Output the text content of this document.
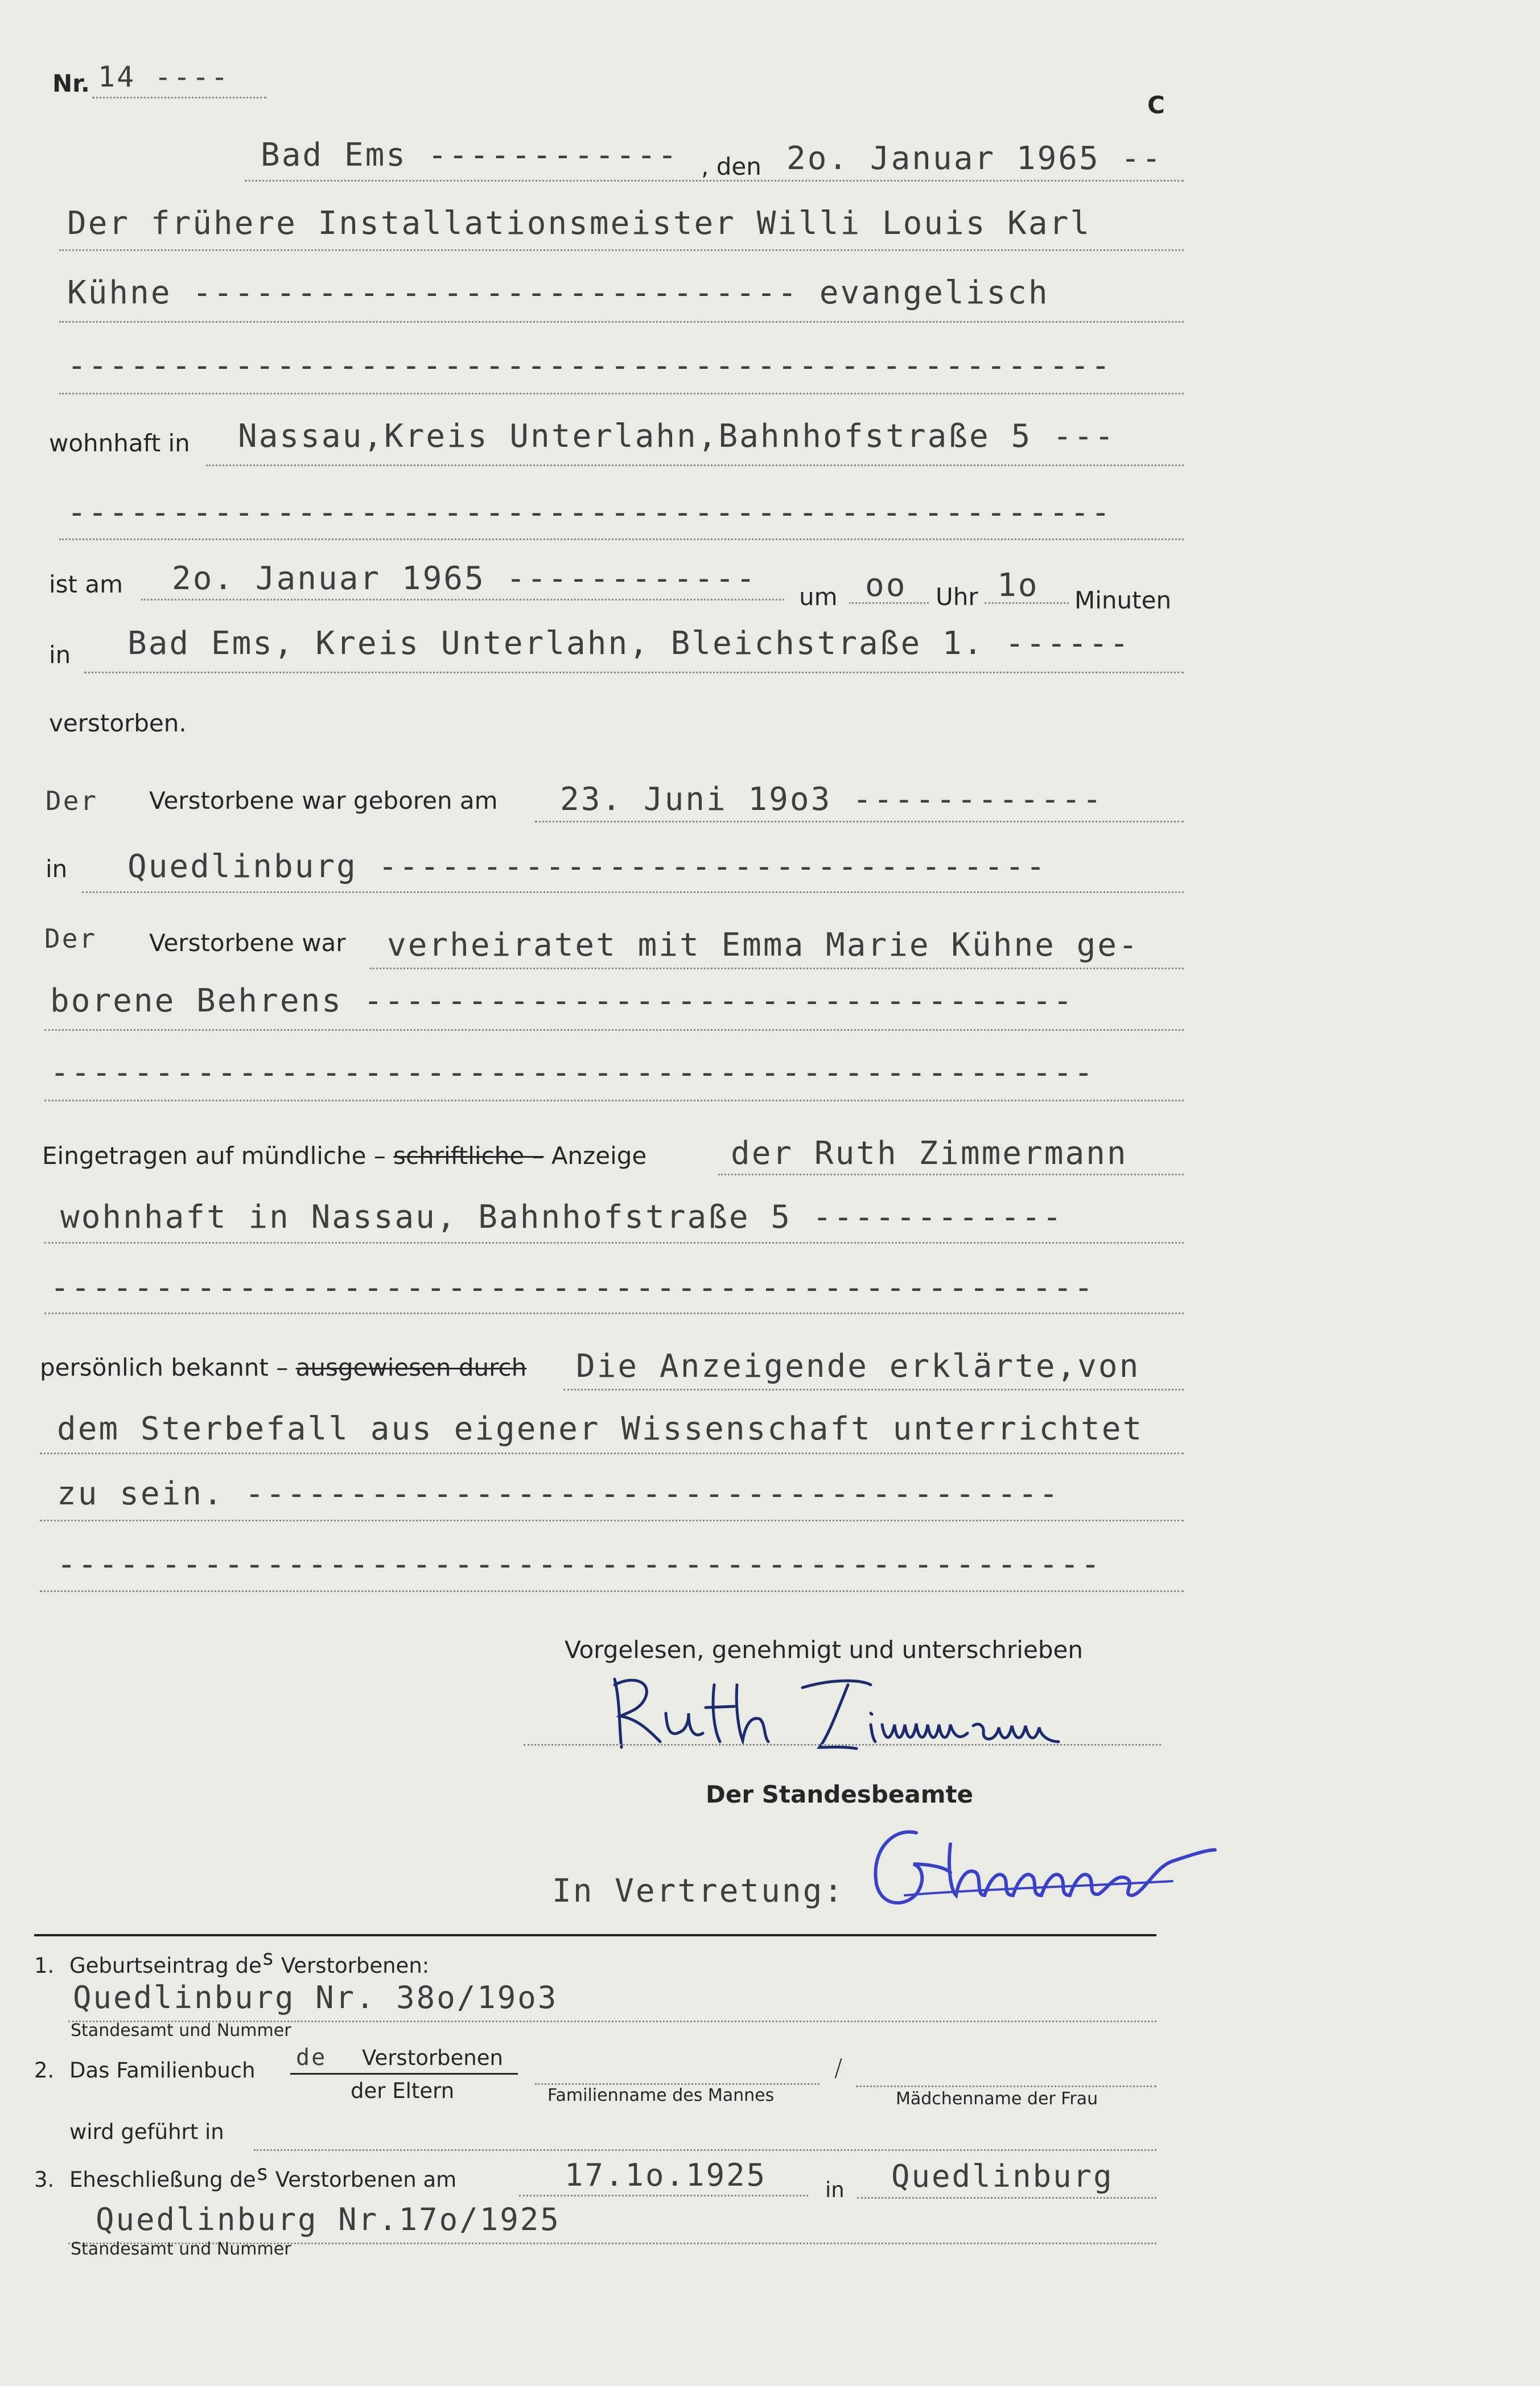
Nr. 14 ----
C
Bad Ems ------------ , den 2o. Januar 1965 --
Der frühere Installationsmeister Willi Louis Karl
Kühne ----------------------------- evangelisch
--------------------------------------------------
wohnhaft in Nassau,Kreis Unterlahn,Bahnhofstraße 5 ---
--------------------------------------------------
ist am 2o. Januar 1965 ------------ um oo Uhr 1o Minuten
in Bad Ems, Kreis Unterlahn, Bleichstraße 1. ------
verstorben.
Der Verstorbene war geboren am 23. Juni 19o3 ------------
in Quedlinburg --------------------------------
Der Verstorbene war verheiratet mit Emma Marie Kühne ge-
borene Behrens ----------------------------------
--------------------------------------------------
Eingetragen auf mündliche – schriftliche – Anzeige	der Ruth Zimmermann
wohnhaft in Nassau, Bahnhofstraße 5 ------------
--------------------------------------------------
persönlich bekannt – ausgewiesen durch Die Anzeigende erklärte,von
dem Sterbefall aus eigener Wissenschaft unterrichtet
zu sein. ---------------------------------------
--------------------------------------------------
Vorgelesen, genehmigt und unterschrieben
Der Standesbeamte
In Vertretung:
1. Geburtseintrag des Verstorbenen:
Quedlinburg Nr. 38o/19o3
Standesamt und Nummer
2. Das Familienbuch de Verstorbenen
der Eltern	Familienname des Mannes
/
Mädchenname der Frau
wird geführt in
3. Eheschließung des Verstorbenen am	17.1o.1925	in Quedlinburg
Quedlinburg Nr.17o/1925
Standesamt und Nummer
